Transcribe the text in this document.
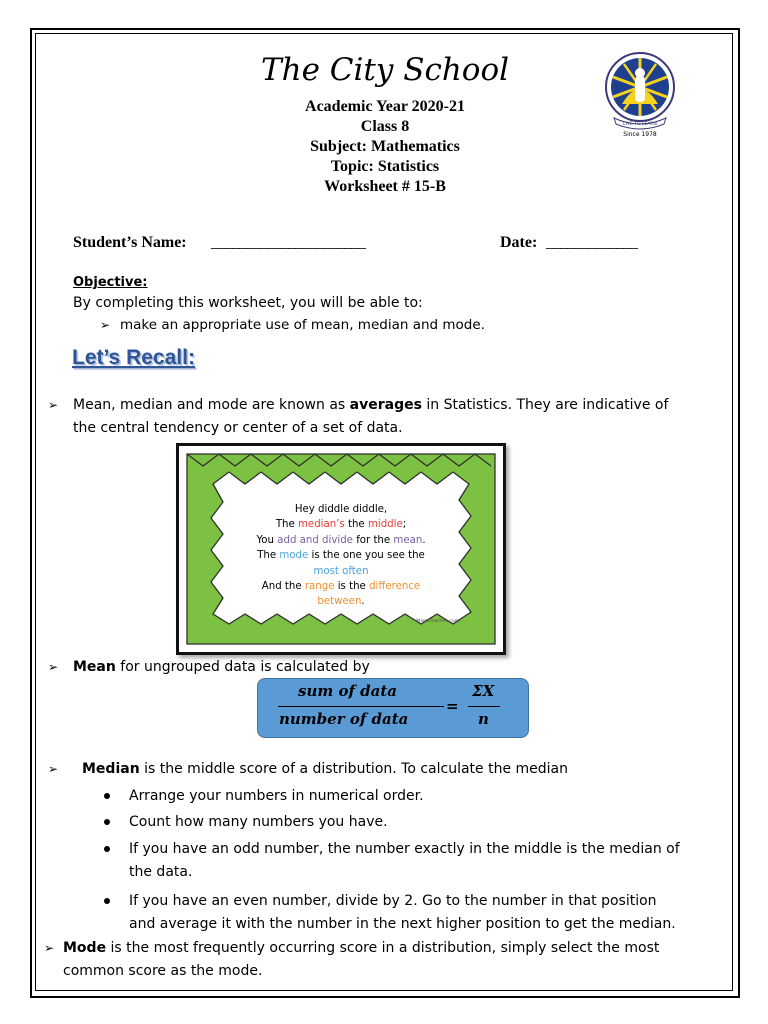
The City School
Academic Year 2020-21
Class 8
Subject: Mathematics
Topic: Statistics
Worksheet # 15-B
LIVE TO LEARN
Since 1978
Student’s Name: ______________________	Date: _____________
Objective:
By completing this worksheet, you will be able to:
➢ make an appropriate use of mean, median and mode.
Let’s Recall:
➢ Mean, median and mode are known as averages in Statistics. They are indicative of
the central tendency or center of a set of data.
Hey diddle diddle,
The median’s the middle;
You add and divide for the mean.
The mode is the one you see the
most often
And the range is the difference
between.
MamaTeaches.com
➢ Mean for ungrouped data is calculated by
sum of data
number of data
=
ΣX
n
➢ Median is the middle score of a distribution. To calculate the median
Arrange your numbers in numerical order.
Count how many numbers you have.
If you have an odd number, the number exactly in the middle is the median of
the data.
If you have an even number, divide by 2. Go to the number in that position
and average it with the number in the next higher position to get the median.
➢ Mode is the most frequently occurring score in a distribution, simply select the most
common score as the mode.
